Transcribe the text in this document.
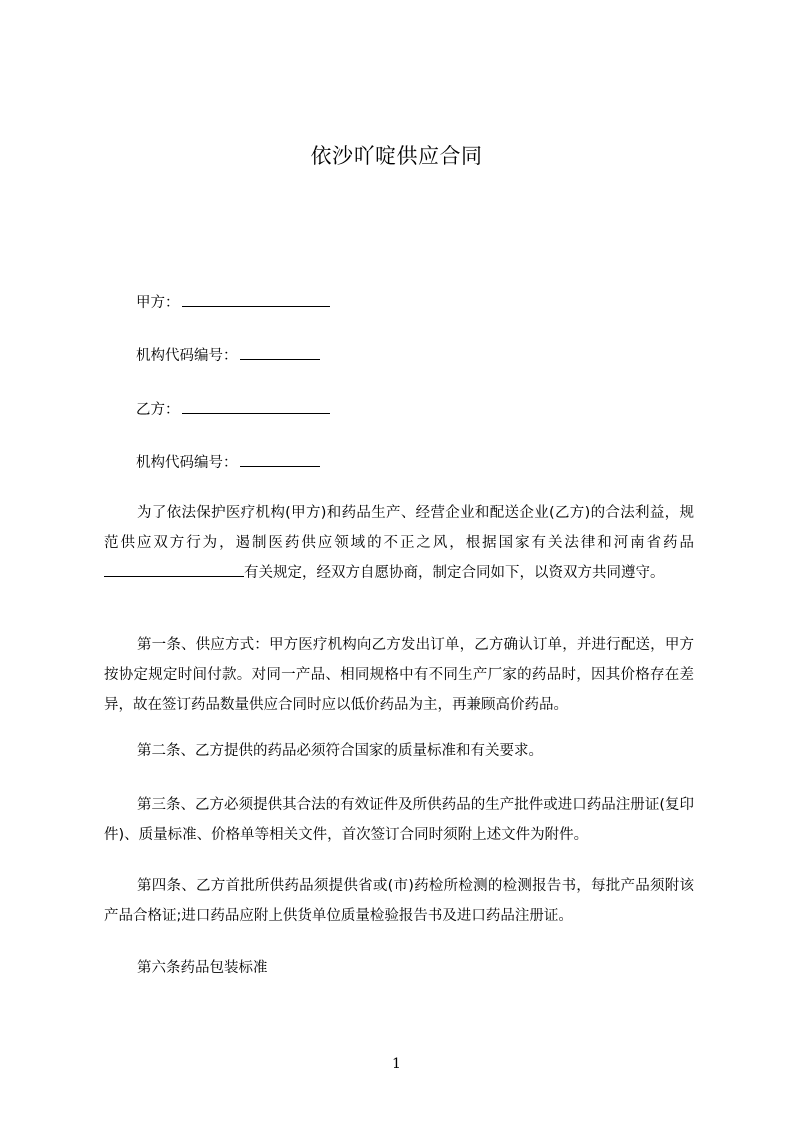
依沙吖啶供应合同
甲方：
机构代码编号：
乙方：
机构代码编号：
为了依法保护医疗机构(甲方)和药品生产、经营企业和配送企业(乙方)的合法利益，规范供应双方行为，遏制医药供应领域的不正之风，根据国家有关法律和河南省药品有关规定，经双方自愿协商，制定合同如下，以资双方共同遵守。
第一条、供应方式：甲方医疗机构向乙方发出订单，乙方确认订单，并进行配送，甲方按协定规定时间付款。对同一产品、相同规格中有不同生产厂家的药品时，因其价格存在差异，故在签订药品数量供应合同时应以低价药品为主，再兼顾高价药品。
第二条、乙方提供的药品必须符合国家的质量标准和有关要求。
第三条、乙方必须提供其合法的有效证件及所供药品的生产批件或进口药品注册证(复印件)、质量标准、价格单等相关文件，首次签订合同时须附上述文件为附件。
第四条、乙方首批所供药品须提供省或(市)药检所检测的检测报告书，每批产品须附该产品合格证;进口药品应附上供货单位质量检验报告书及进口药品注册证。
第六条药品包装标准
1
